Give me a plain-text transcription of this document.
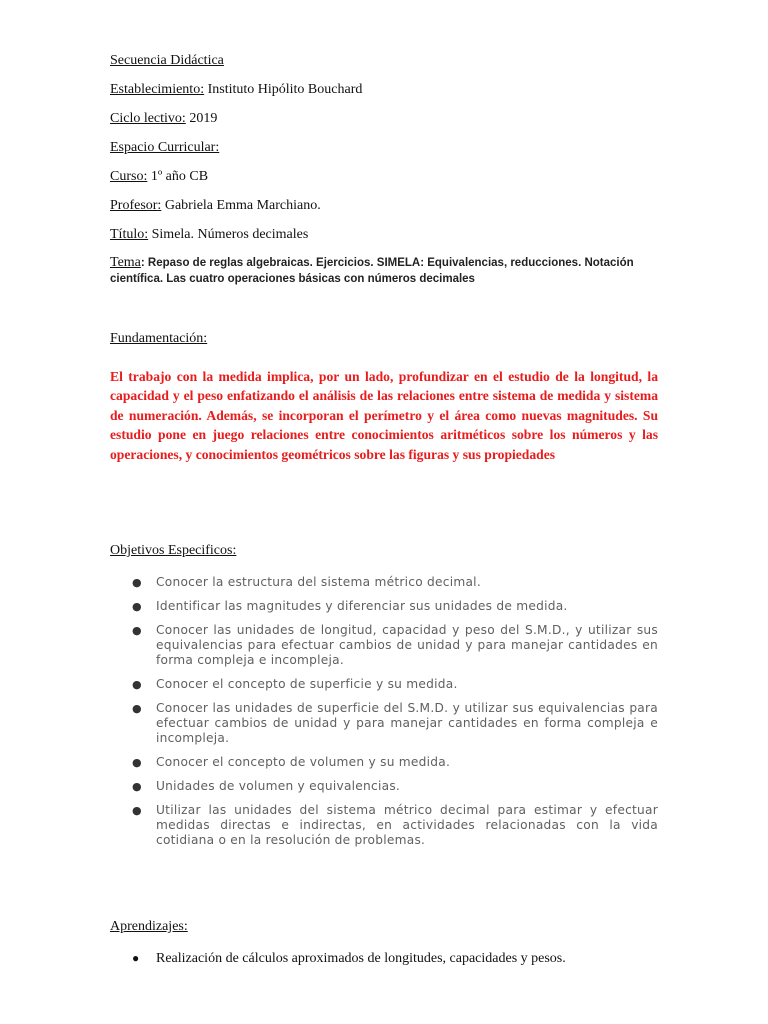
Secuencia Didáctica
Establecimiento: Instituto Hipólito Bouchard
Ciclo lectivo: 2019
Espacio Curricular:
Curso: 1º año CB
Profesor: Gabriela Emma Marchiano.
Título: Simela. Números decimales
Tema: Repaso de reglas algebraicas. Ejercicios. SIMELA: Equivalencias, reducciones. Notación científica. Las cuatro operaciones básicas con números decimales
Fundamentación:
El trabajo con la medida implica, por un lado, profundizar en el estudio de la longitud, la capacidad y el peso enfatizando el análisis de las relaciones entre sistema de medida y sistema de numeración. Además, se incorporan el perímetro y el área como nuevas magnitudes. Su estudio pone en juego relaciones entre conocimientos aritméticos sobre los números y las operaciones, y conocimientos geométricos sobre las figuras y sus propiedades
Objetivos Especificos:
● Conocer la estructura del sistema métrico decimal.
● Identificar las magnitudes y diferenciar sus unidades de medida.
● Conocer las unidades de longitud, capacidad y peso del S.M.D., y utilizar sus equivalencias para efectuar cambios de unidad y para manejar cantidades en forma compleja e incompleja.
● Conocer el concepto de superficie y su medida.
● Conocer las unidades de superficie del S.M.D. y utilizar sus equivalencias para efectuar cambios de unidad y para manejar cantidades en forma compleja e incompleja.
● Conocer el concepto de volumen y su medida.
● Unidades de volumen y equivalencias.
● Utilizar las unidades del sistema métrico decimal para estimar y efectuar medidas directas e indirectas, en actividades relacionadas con la vida cotidiana o en la resolución de problemas.
Aprendizajes:
● Realización de cálculos aproximados de longitudes, capacidades y pesos.
